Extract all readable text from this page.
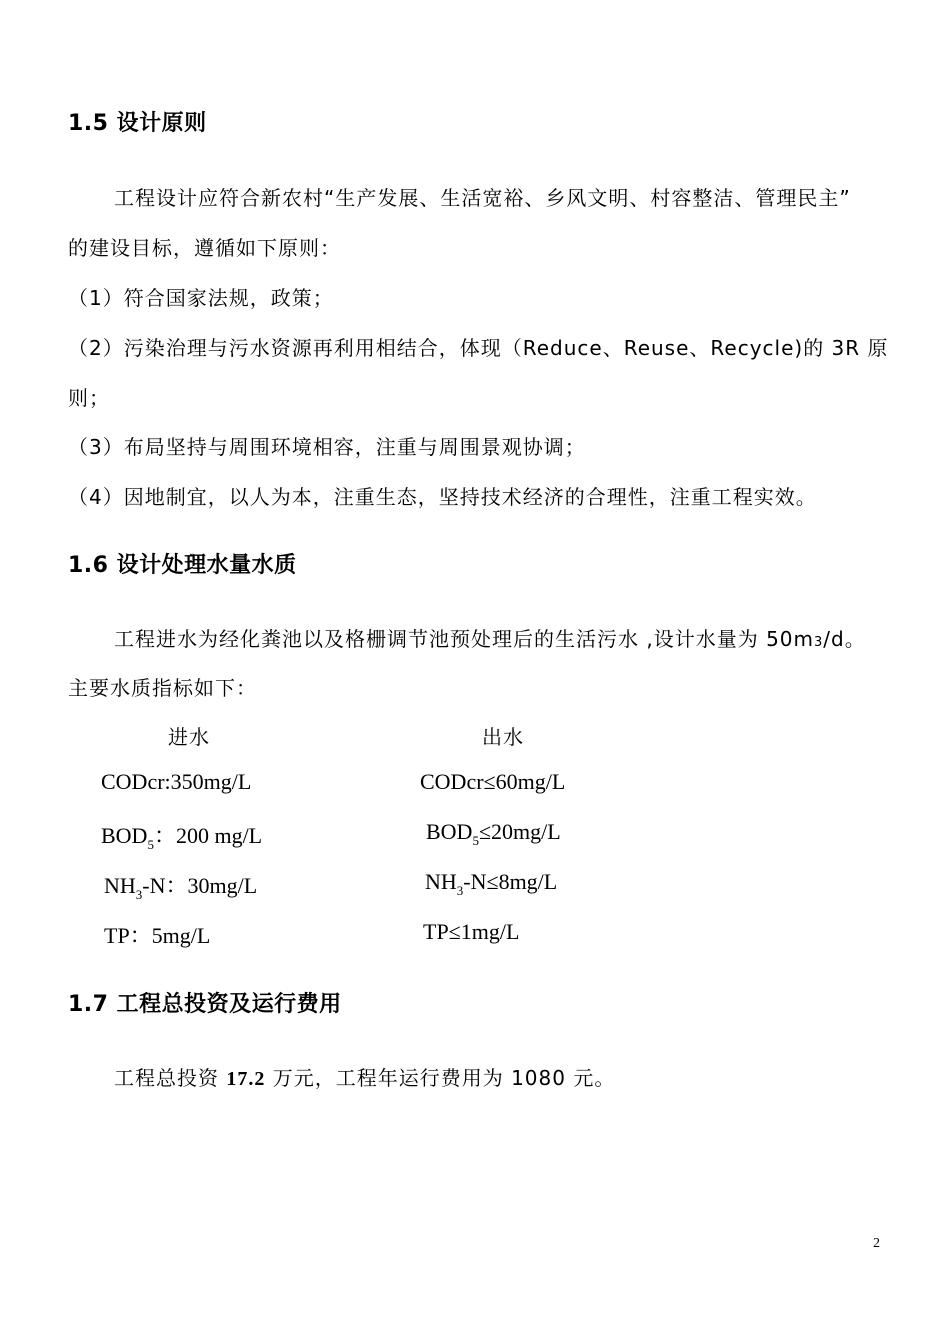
1.5 设计原则
工程设计应符合新农村“生产发展、生活宽裕、乡风文明、村容整洁、管理民主”
的建设目标，遵循如下原则：
（1）符合国家法规，政策；
（2）污染治理与污水资源再利用相结合，体现（Reduce、Reuse、Recycle)的 3R 原
则；
（3）布局坚持与周围环境相容，注重与周围景观协调；
（4）因地制宜，以人为本，注重生态，坚持技术经济的合理性，注重工程实效。
1.6 设计处理水量水质
工程进水为经化粪池以及格栅调节池预处理后的生活污水 ,设计水量为 50m3/d。
主要水质指标如下：
进水	出水
CODcr:350mg/L	CODcr≤60mg/L
$BOD_5$：200 mg/L	$BOD_5\le 20mg/L$
$NH_3-N$：30mg/L	$NH_3-N\le 8mg/L$
TP：5mg/L	TP≤1mg/L
1.7 工程总投资及运行费用
工程总投资 17.2 万元，工程年运行费用为 1080 元。
2
